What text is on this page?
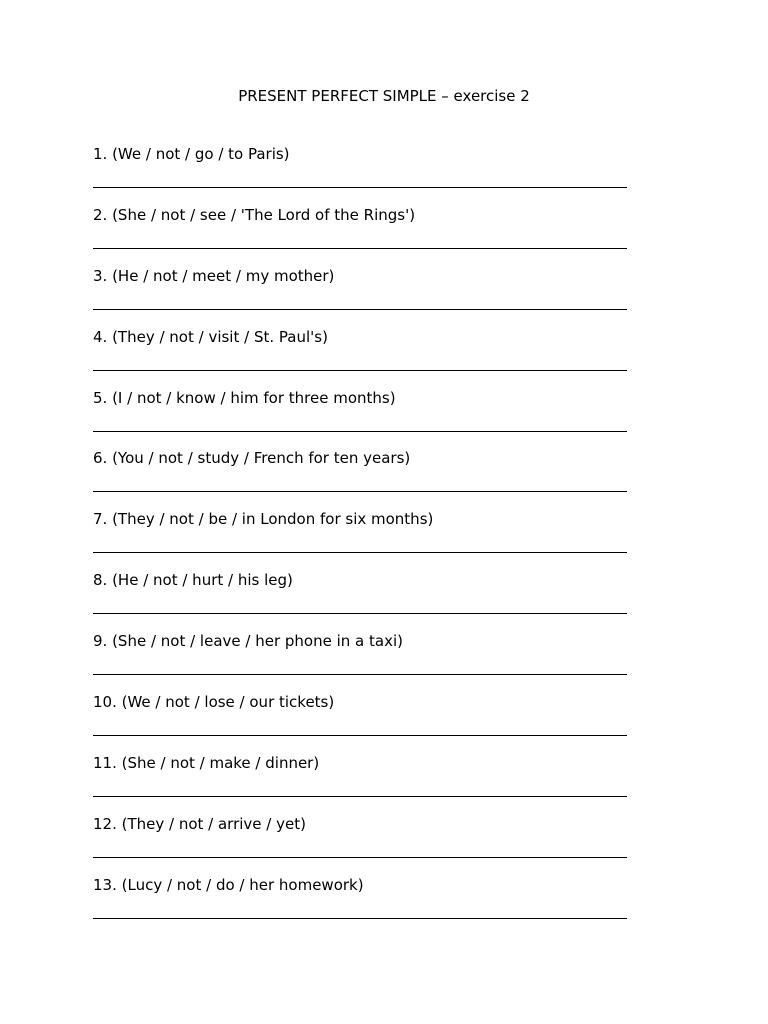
PRESENT PERFECT SIMPLE – exercise 2
1. (We / not / go / to Paris)
2. (She / not / see / 'The Lord of the Rings')
3. (He / not / meet / my mother)
4. (They / not / visit / St. Paul's)
5. (I / not / know / him for three months)
6. (You / not / study / French for ten years)
7. (They / not / be / in London for six months)
8. (He / not / hurt / his leg)
9. (She / not / leave / her phone in a taxi)
10. (We / not / lose / our tickets)
11. (She / not / make / dinner)
12. (They / not / arrive / yet)
13. (Lucy / not / do / her homework)
